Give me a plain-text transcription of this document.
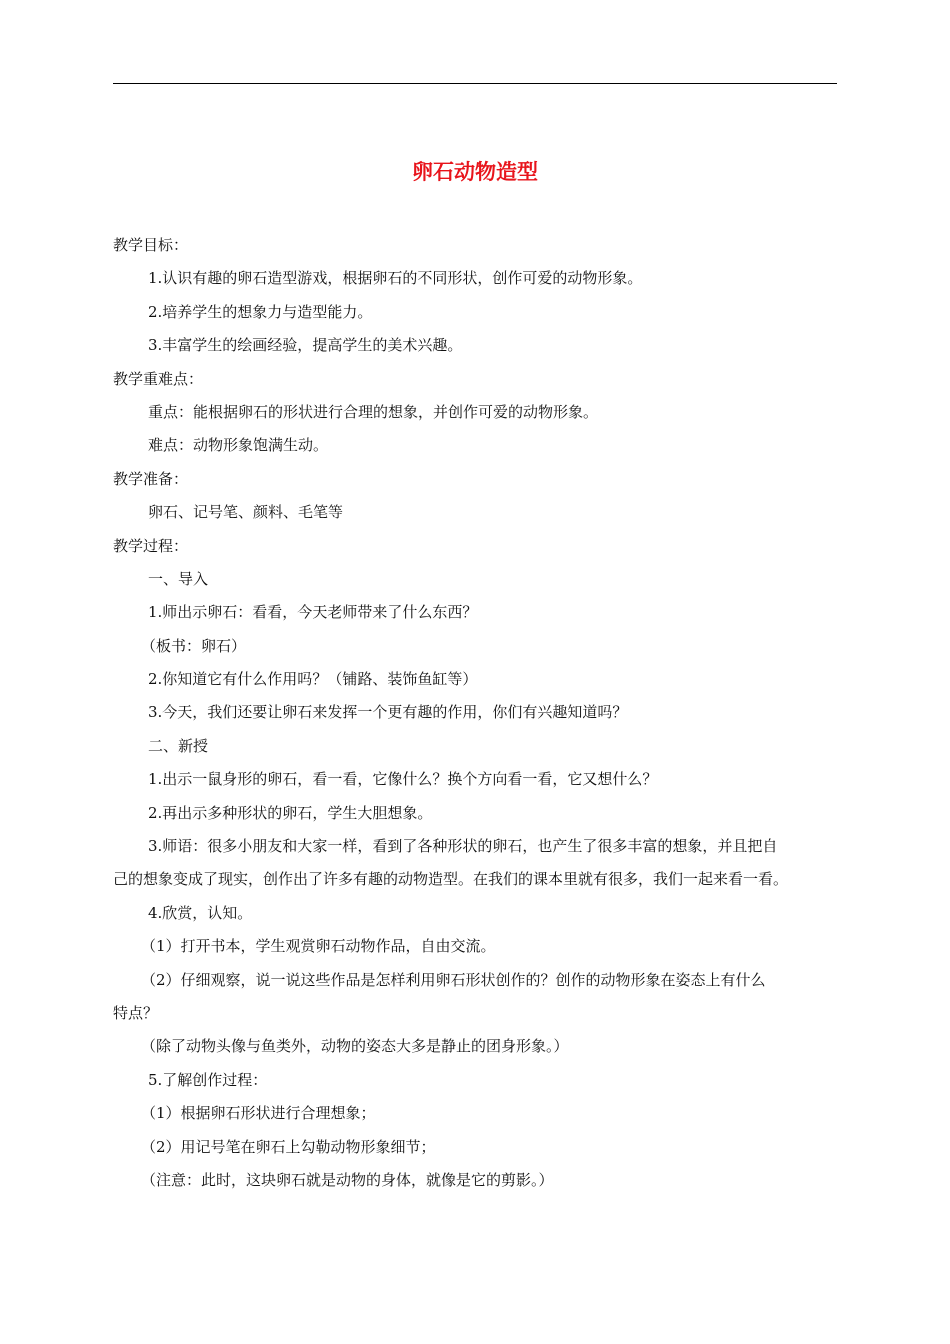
卵石动物造型

教学目标：

1.认识有趣的卵石造型游戏，根据卵石的不同形状，创作可爱的动物形象。

2.培养学生的想象力与造型能力。

3.丰富学生的绘画经验，提高学生的美术兴趣。

教学重难点：

重点：能根据卵石的形状进行合理的想象，并创作可爱的动物形象。

难点：动物形象饱满生动。

教学准备：

卵石、记号笔、颜料、毛笔等

教学过程：

一、导入

1.师出示卵石：看看，今天老师带来了什么东西？

（板书：卵石）

2.你知道它有什么作用吗？（铺路、装饰鱼缸等）

3.今天，我们还要让卵石来发挥一个更有趣的作用，你们有兴趣知道吗？

二、新授

1.出示一鼠身形的卵石，看一看，它像什么？换个方向看一看，它又想什么？

2.再出示多种形状的卵石，学生大胆想象。

3.师语：很多小朋友和大家一样，看到了各种形状的卵石，也产生了很多丰富的想象，并且把自

己的想象变成了现实，创作出了许多有趣的动物造型。在我们的课本里就有很多，我们一起来看一看。

4.欣赏，认知。

（1）打开书本，学生观赏卵石动物作品，自由交流。

（2）仔细观察，说一说这些作品是怎样利用卵石形状创作的？创作的动物形象在姿态上有什么

特点？

（除了动物头像与鱼类外，动物的姿态大多是静止的团身形象。）

5.了解创作过程：

（1）根据卵石形状进行合理想象；

（2）用记号笔在卵石上勾勒动物形象细节；

（注意：此时，这块卵石就是动物的身体，就像是它的剪影。）
